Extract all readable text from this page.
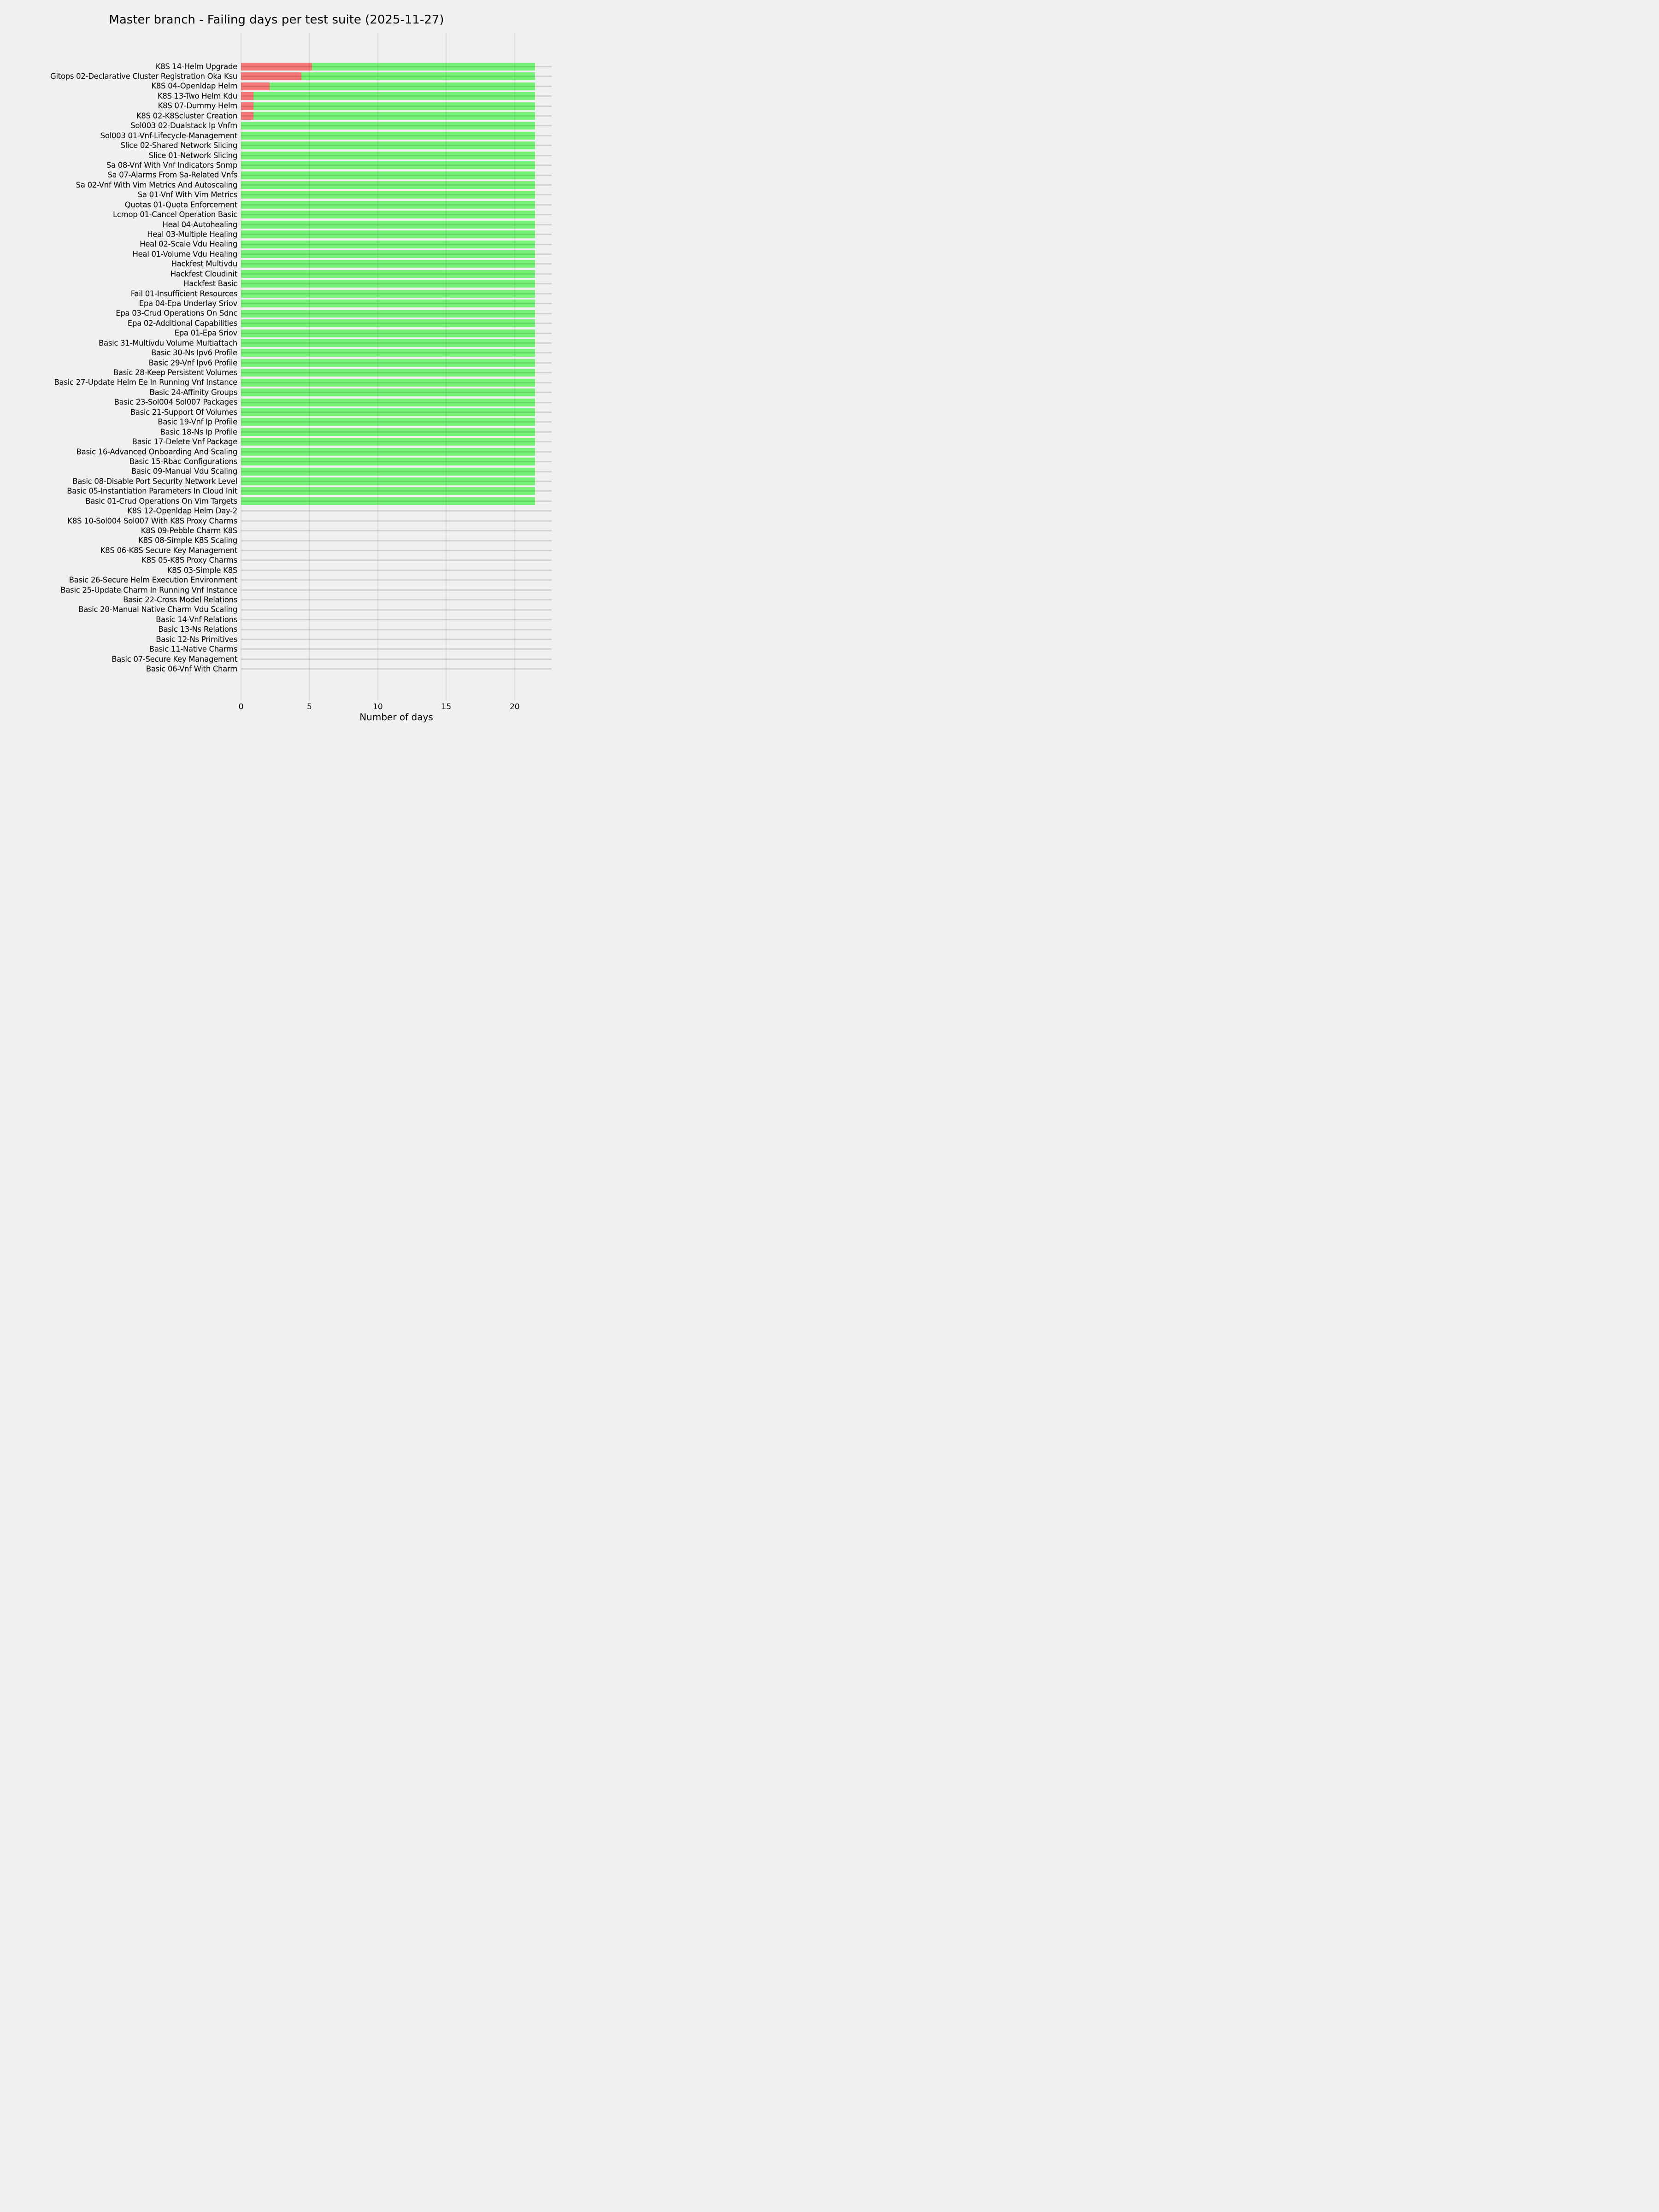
Master branch - Failing days per test suite (2025-11-27)
K8S 14-Helm Upgrade
Gitops 02-Declarative Cluster Registration Oka Ksu
K8S 04-Openldap Helm
K8S 13-Two Helm Kdu
K8S 07-Dummy Helm
K8S 02-K8Scluster Creation
Sol003 02-Dualstack Ip Vnfm
Sol003 01-Vnf-Lifecycle-Management
Slice 02-Shared Network Slicing
Slice 01-Network Slicing
Sa 08-Vnf With Vnf Indicators Snmp
Sa 07-Alarms From Sa-Related Vnfs
Sa 02-Vnf With Vim Metrics And Autoscaling
Sa 01-Vnf With Vim Metrics
Quotas 01-Quota Enforcement
Lcmop 01-Cancel Operation Basic
Heal 04-Autohealing
Heal 03-Multiple Healing
Heal 02-Scale Vdu Healing
Heal 01-Volume Vdu Healing
Hackfest Multivdu
Hackfest Cloudinit
Hackfest Basic
Fail 01-Insufficient Resources
Epa 04-Epa Underlay Sriov
Epa 03-Crud Operations On Sdnc
Epa 02-Additional Capabilities
Epa 01-Epa Sriov
Basic 31-Multivdu Volume Multiattach
Basic 30-Ns Ipv6 Profile
Basic 29-Vnf Ipv6 Profile
Basic 28-Keep Persistent Volumes
Basic 27-Update Helm Ee In Running Vnf Instance
Basic 24-Affinity Groups
Basic 23-Sol004 Sol007 Packages
Basic 21-Support Of Volumes
Basic 19-Vnf Ip Profile
Basic 18-Ns Ip Profile
Basic 17-Delete Vnf Package
Basic 16-Advanced Onboarding And Scaling
Basic 15-Rbac Configurations
Basic 09-Manual Vdu Scaling
Basic 08-Disable Port Security Network Level
Basic 05-Instantiation Parameters In Cloud Init
Basic 01-Crud Operations On Vim Targets
K8S 12-Openldap Helm Day-2
K8S 10-Sol004 Sol007 With K8S Proxy Charms
K8S 09-Pebble Charm K8S
K8S 08-Simple K8S Scaling
K8S 06-K8S Secure Key Management
K8S 05-K8S Proxy Charms
K8S 03-Simple K8S
Basic 26-Secure Helm Execution Environment
Basic 25-Update Charm In Running Vnf Instance
Basic 22-Cross Model Relations
Basic 20-Manual Native Charm Vdu Scaling
Basic 14-Vnf Relations
Basic 13-Ns Relations
Basic 12-Ns Primitives
Basic 11-Native Charms
Basic 07-Secure Key Management
Basic 06-Vnf With Charm
0	5	10	15	20
Number of days
